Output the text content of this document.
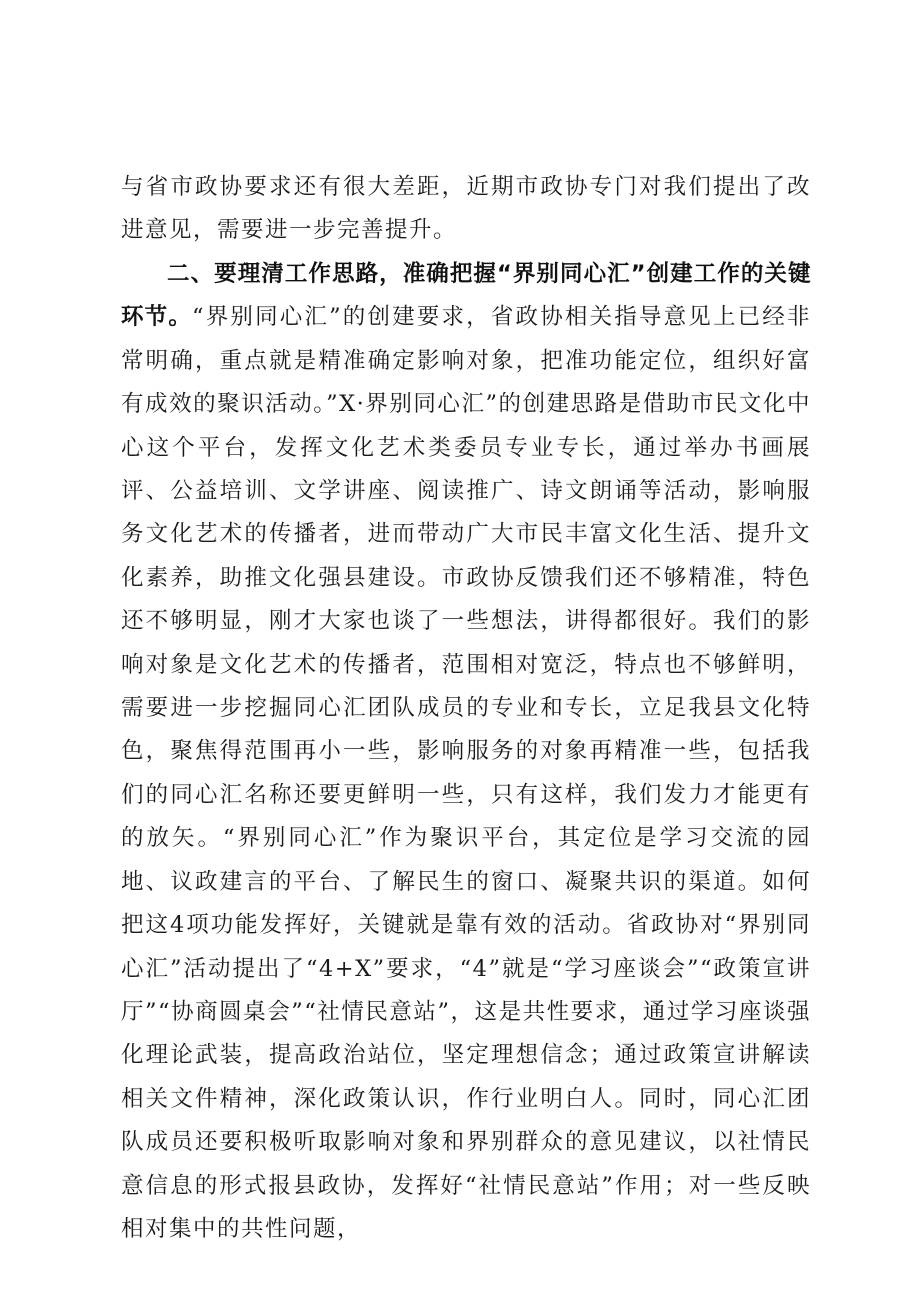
与省市政协要求还有很大差距，近期市政协专门对我们提出了改进意见，需要进一步完善提升。

二、要理清工作思路，准确把握“界别同心汇”创建工作的关键环节。“界别同心汇”的创建要求，省政协相关指导意见上已经非常明确，重点就是精准确定影响对象，把准功能定位，组织好富有成效的聚识活动。”X·界别同心汇”的创建思路是借助市民文化中心这个平台，发挥文化艺术类委员专业专长，通过举办书画展评、公益培训、文学讲座、阅读推广、诗文朗诵等活动，影响服务文化艺术的传播者，进而带动广大市民丰富文化生活、提升文化素养，助推文化强县建设。市政协反馈我们还不够精准，特色还不够明显，刚才大家也谈了一些想法，讲得都很好。我们的影响对象是文化艺术的传播者，范围相对宽泛，特点也不够鲜明，需要进一步挖掘同心汇团队成员的专业和专长，立足我县文化特色，聚焦得范围再小一些，影响服务的对象再精准一些，包括我们的同心汇名称还要更鲜明一些，只有这样，我们发力才能更有的放矢。“界别同心汇”作为聚识平台，其定位是学习交流的园地、议政建言的平台、了解民生的窗口、凝聚共识的渠道。如何把这4项功能发挥好，关键就是靠有效的活动。省政协对“界别同心汇”活动提出了“4+X”要求，“4”就是“学习座谈会”“政策宣讲厅”“协商圆桌会”“社情民意站”，这是共性要求，通过学习座谈强化理论武装，提高政治站位，坚定理想信念；通过政策宣讲解读相关文件精神，深化政策认识，作行业明白人。同时，同心汇团队成员还要积极听取影响对象和界别群众的意见建议，以社情民意信息的形式报县政协，发挥好“社情民意站”作用；对一些反映相对集中的共性问题，
